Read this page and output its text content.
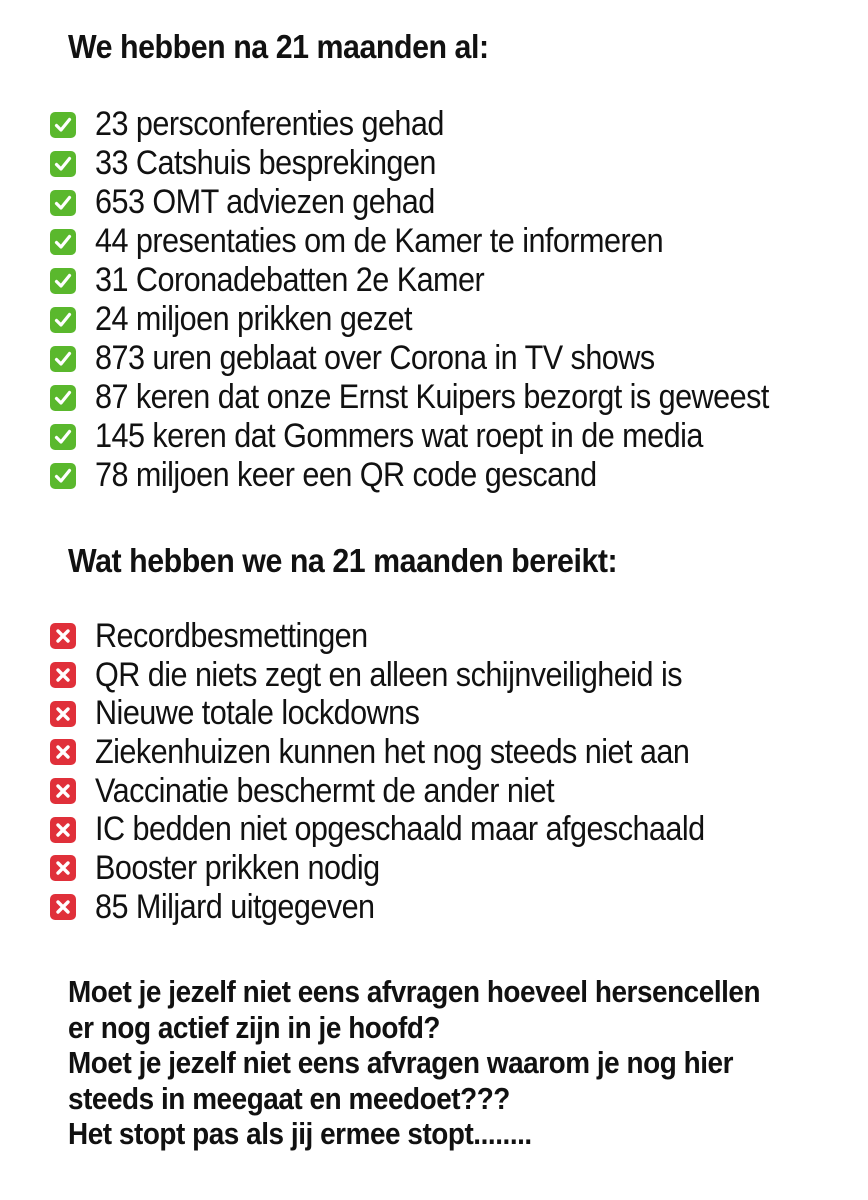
We hebben na 21 maanden al:
23 persconferenties gehad
33 Catshuis besprekingen
653 OMT adviezen gehad
44 presentaties om de Kamer te informeren
31 Coronadebatten 2e Kamer
24 miljoen prikken gezet
873 uren geblaat over Corona in TV shows
87 keren dat onze Ernst Kuipers bezorgt is geweest
145 keren dat Gommers wat roept in de media
78 miljoen keer een QR code gescand
Wat hebben we na 21 maanden bereikt:
Recordbesmettingen
QR die niets zegt en alleen schijnveiligheid is
Nieuwe totale lockdowns
Ziekenhuizen kunnen het nog steeds niet aan
Vaccinatie beschermt de ander niet
IC bedden niet opgeschaald maar afgeschaald
Booster prikken nodig
85 Miljard uitgegeven
Moet je jezelf niet eens afvragen hoeveel hersencellen
er nog actief zijn in je hoofd?
Moet je jezelf niet eens afvragen waarom je nog hier
steeds in meegaat en meedoet???
Het stopt pas als jij ermee stopt........
